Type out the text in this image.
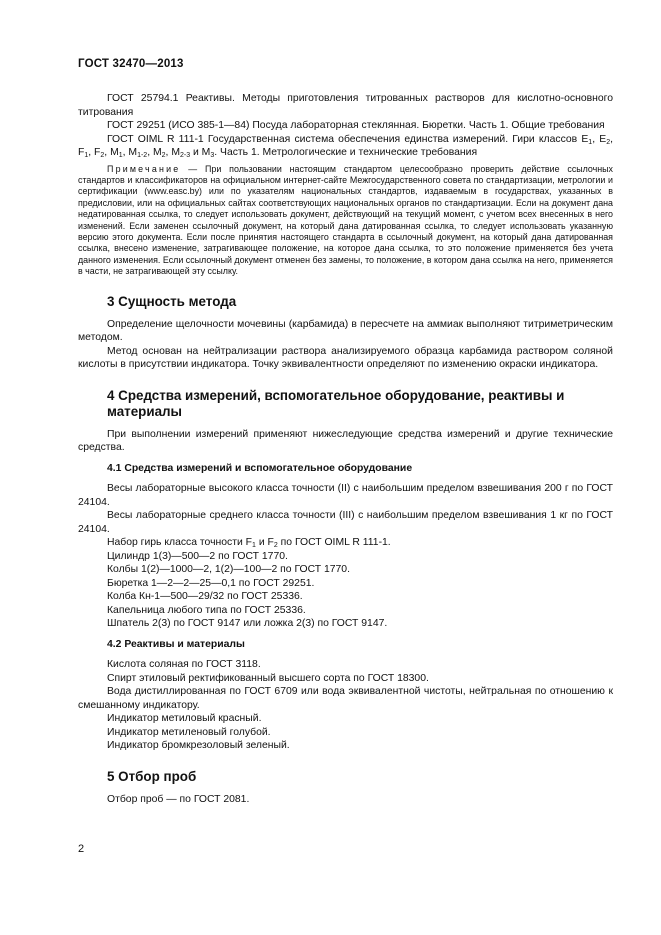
ГОСТ 32470—2013

ГОСТ 25794.1 Реактивы. Методы приготовления титрованных растворов для кислотно-основного титрования

ГОСТ 29251 (ИСО 385-1—84) Посуда лабораторная стеклянная. Бюретки. Часть 1. Общие требования

ГОСТ OIML R 111-1 Государственная система обеспечения единства измерений. Гири классов $E_1$, $E_2$, $F_1$, $F_2$, $M_1$, $M_{1-2}$, $M_2$, $M_{2-3}$ и $M_3$. Часть 1. Метрологические и технические требования

Примечание — При пользовании настоящим стандартом целесообразно проверить действие ссылочных стандартов и классификаторов на официальном интернет-сайте Межгосударственного совета по стандартизации, метрологии и сертификации (www.easc.by) или по указателям национальных стандартов, издаваемым в государствах, указанных в предисловии, или на официальных сайтах соответствующих национальных органов по стандартизации. Если на документ дана недатированная ссылка, то следует использовать документ, действующий на текущий момент, с учетом всех внесенных в него изменений. Если заменен ссылочный документ, на который дана датированная ссылка, то следует использовать указанную версию этого документа. Если после принятия настоящего стандарта в ссылочный документ, на который дана датированная ссылка, внесено изменение, затрагивающее положение, на которое дана ссылка, то это положение применяется без учета данного изменения. Если ссылочный документ отменен без замены, то положение, в котором дана ссылка на него, применяется в части, не затрагивающей эту ссылку.

3 Сущность метода

Определение щелочности мочевины (карбамида) в пересчете на аммиак выполняют титриметрическим методом.

Метод основан на нейтрализации раствора анализируемого образца карбамида раствором соляной кислоты в присутствии индикатора. Точку эквивалентности определяют по изменению окраски индикатора.

4 Средства измерений, вспомогательное оборудование, реактивы и материалы

При выполнении измерений применяют нижеследующие средства измерений и другие технические средства.

4.1 Средства измерений и вспомогательное оборудование

Весы лабораторные высокого класса точности (II) с наибольшим пределом взвешивания 200 г по ГОСТ 24104.

Весы лабораторные среднего класса точности (III) с наибольшим пределом взвешивания 1 кг по ГОСТ 24104.

Набор гирь класса точности $F_1$ и $F_2$ по ГОСТ OIML R 111-1.

Цилиндр 1(3)—500—2 по ГОСТ 1770.

Колбы 1(2)—1000—2, 1(2)—100—2 по ГОСТ 1770.

Бюретка 1—2—2—25—0,1 по ГОСТ 29251.

Колба Кн-1—500—29/32 по ГОСТ 25336.

Капельница любого типа по ГОСТ 25336.

Шпатель 2(3) по ГОСТ 9147 или ложка 2(3) по ГОСТ 9147.

4.2 Реактивы и материалы

Кислота соляная по ГОСТ 3118.

Спирт этиловый ректификованный высшего сорта по ГОСТ 18300.

Вода дистиллированная по ГОСТ 6709 или вода эквивалентной чистоты, нейтральная по отношению к смешанному индикатору.

Индикатор метиловый красный.

Индикатор метиленовый голубой.

Индикатор бромкрезоловый зеленый.

5 Отбор проб

Отбор проб — по ГОСТ 2081.

2
